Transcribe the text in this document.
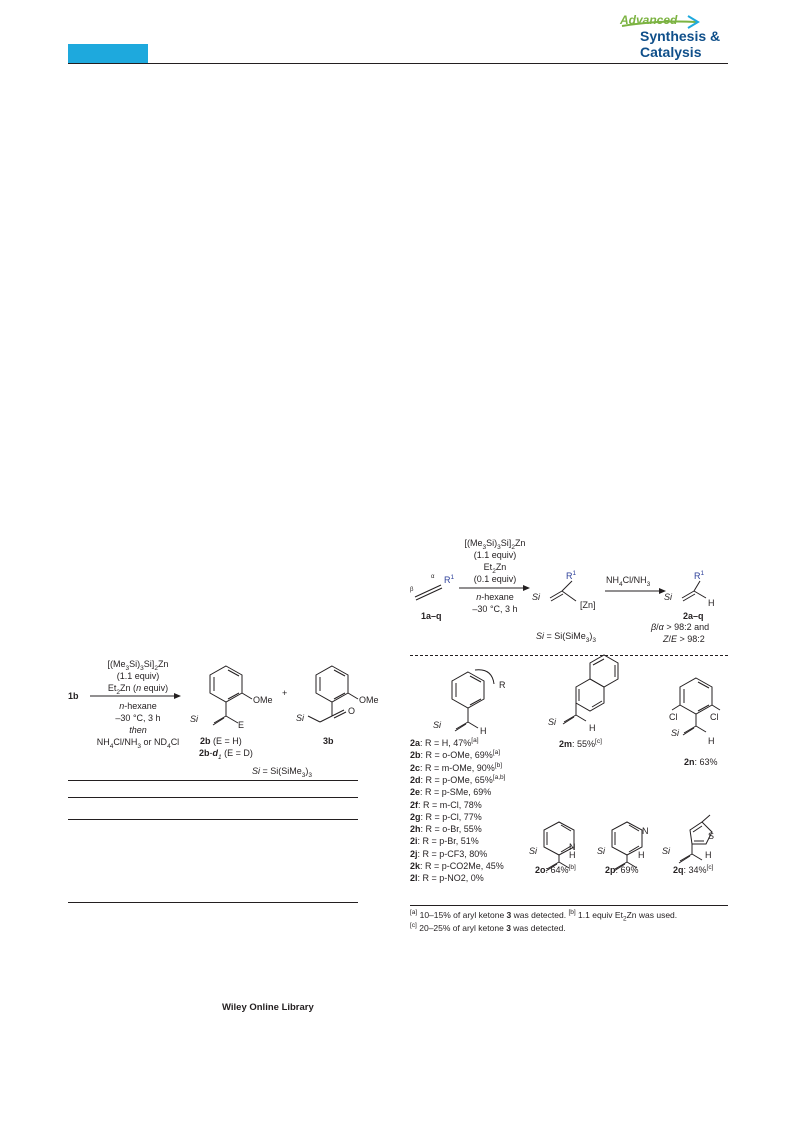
Advanced
Synthesis &
Catalysis
1b
$[(Me_3Si)_3Si]_2Zn$
(1.1 equiv)
$Et_2Zn$ (n equiv)
n-hexane
–30 °C, 3 h
then
$NH_4Cl/NH_3$ or $ND_4Cl$
OMe
Si
E
+
OMe
Si
O
2b (E = H)
$2b-d_1$ (E = D)
3b
$Si = Si(SiMe_3)_3$
β
α $R^1$
1a–q
$[(Me_3Si)_3Si]_2Zn$
(1.1 equiv)
$Et_2Zn$
(0.1 equiv)
n-hexane
–30 °C, 3 h
$R^1$
Si
[Zn]
$NH_4Cl/NH_3$
$R^1$
Si
H
2a–q
$Si = Si(SiMe_3)_3$
β/α > 98:2 and
Z/E > 98:2
R
Si
H
2a: R = H, 47%[a]
2b: R = o-OMe, 69%[a]
2c: R = m-OMe, 90%[b]
2d: R = p-OMe, 65%[a,b]
2e: R = p-SMe, 69%
2f: R = m-Cl, 78%
2g: R = p-Cl, 77%
2h: R = o-Br, 55%
2i: R = p-Br, 51%
2j: R = p-CF3, 80%
2k: R = p-CO2Me, 45%
2l: R = p-NO2, 0%
Si
H
2m: 55%[c]
Cl	Cl
Si
H
2n: 63%
N
Si	H
2o: 64%[b]
N
Si	H
2p: 69%
S
Si	H
2q: 34%[c]
[a] 10–15% of aryl ketone 3 was detected. [b] 1.1 equiv $Et_2Zn$ was used.
[c] 20–25% of aryl ketone 3 was detected.
Wiley Online Library
